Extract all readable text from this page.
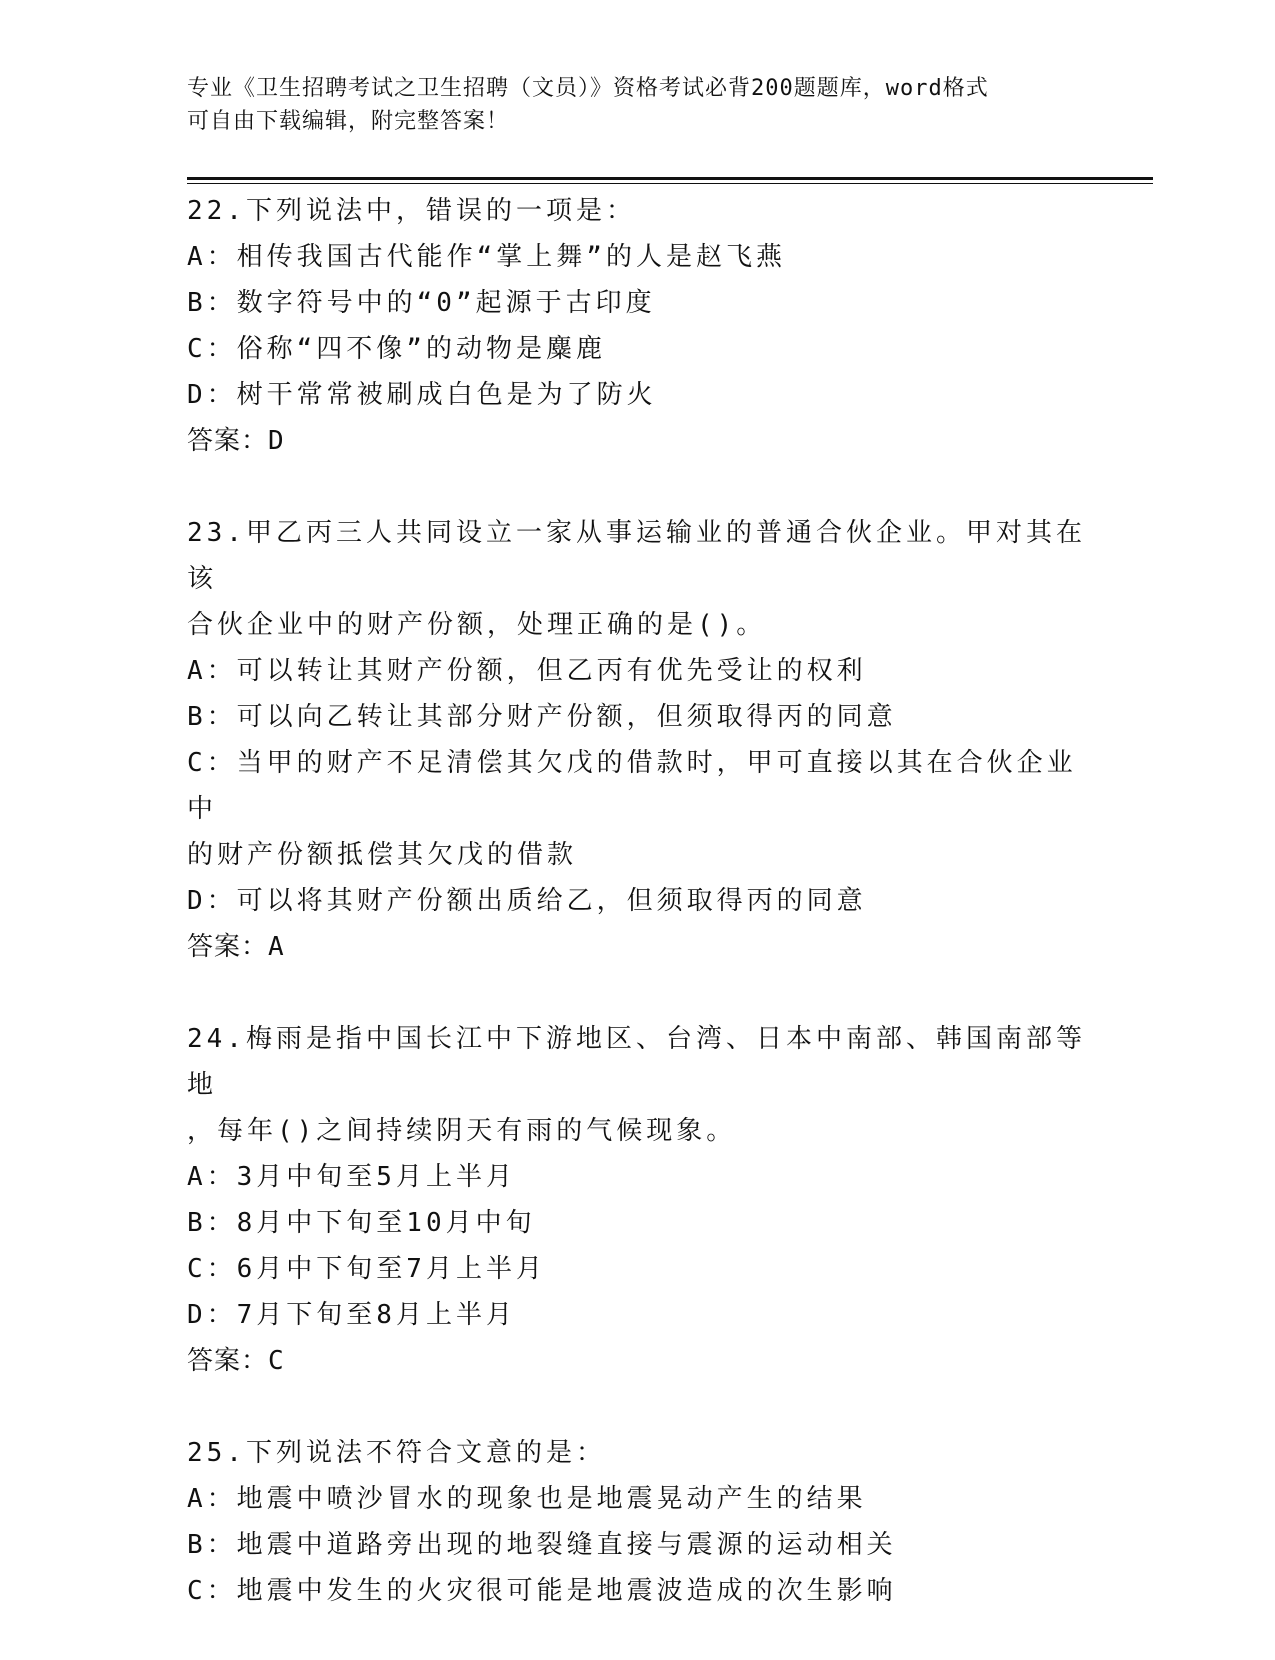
专业《卫生招聘考试之卫生招聘（文员）》资格考试必背200题题库，word格式
可自由下载编辑，附完整答案！
22.下列说法中，错误的一项是：
A：相传我国古代能作“掌上舞”的人是赵飞燕
B：数字符号中的“0”起源于古印度
C：俗称“四不像”的动物是麋鹿
D：树干常常被刷成白色是为了防火
答案：D
23.甲乙丙三人共同设立一家从事运输业的普通合伙企业。甲对其在该
合伙企业中的财产份额，处理正确的是()。
A：可以转让其财产份额，但乙丙有优先受让的权利
B：可以向乙转让其部分财产份额，但须取得丙的同意
C：当甲的财产不足清偿其欠戊的借款时，甲可直接以其在合伙企业中
的财产份额抵偿其欠戊的借款
D：可以将其财产份额出质给乙，但须取得丙的同意
答案：A
24.梅雨是指中国长江中下游地区、台湾、日本中南部、韩国南部等地
，每年()之间持续阴天有雨的气候现象。
A：3月中旬至5月上半月
B：8月中下旬至10月中旬
C：6月中下旬至7月上半月
D：7月下旬至8月上半月
答案：C
25.下列说法不符合文意的是：
A：地震中喷沙冒水的现象也是地震晃动产生的结果
B：地震中道路旁出现的地裂缝直接与震源的运动相关
C：地震中发生的火灾很可能是地震波造成的次生影响
